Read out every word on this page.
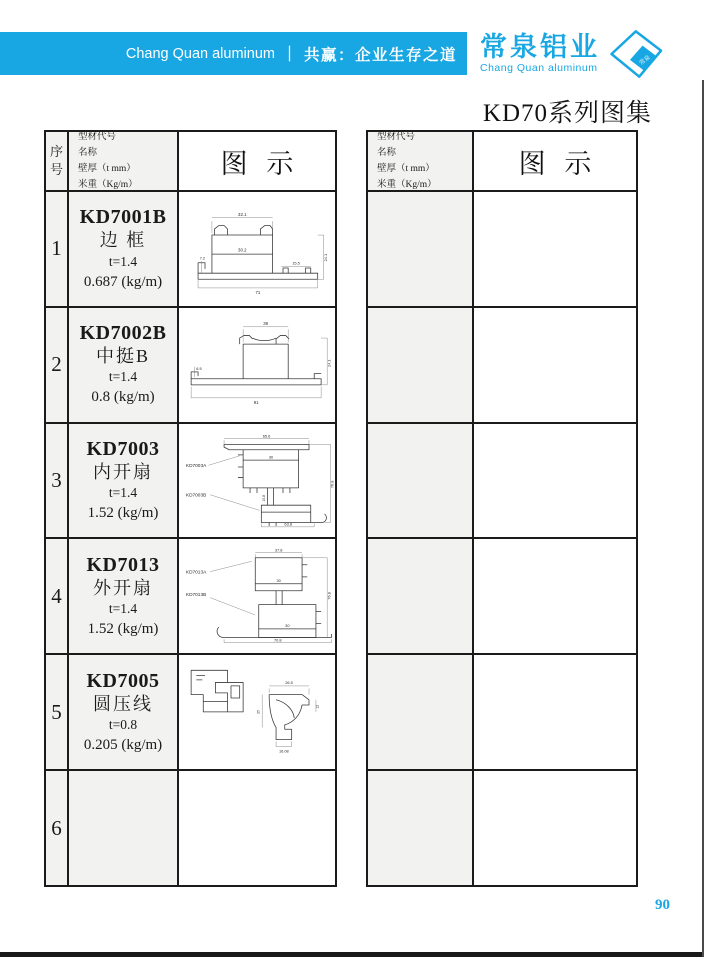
Chang Quan aluminum ｜ 共赢：企业生存之道 常泉铝业
Chang Quan aluminum
常泉
KD70系列图集
90
序号
型材代号
名称
壁厚（t mm）
米重（Kg/m）
图 示
1
KD7001B
边 框
t=1.4
0.687 (kg/m)
32.1
30.2
7.2
15.5
71
24.1
2
KD7002B
中挺B
t=1.4
0.8 (kg/m)
39
6.5
91
24.1
3
KD7003
内开扇
t=1.4
1.52 (kg/m)
65.6
30
15.8
KD7003A
KD7003B
63.8
76.8
4
KD7013
外开扇
t=1.4
1.52 (kg/m)
37.8
30
30
KD7013A
KD7013B
70.8
76.8
5
KD7005
圆压线
t=0.8
0.205 (kg/m)
26.5
16.08
25
12
6
型材代号
名称
壁厚（t mm）
米重（Kg/m）
图 示
